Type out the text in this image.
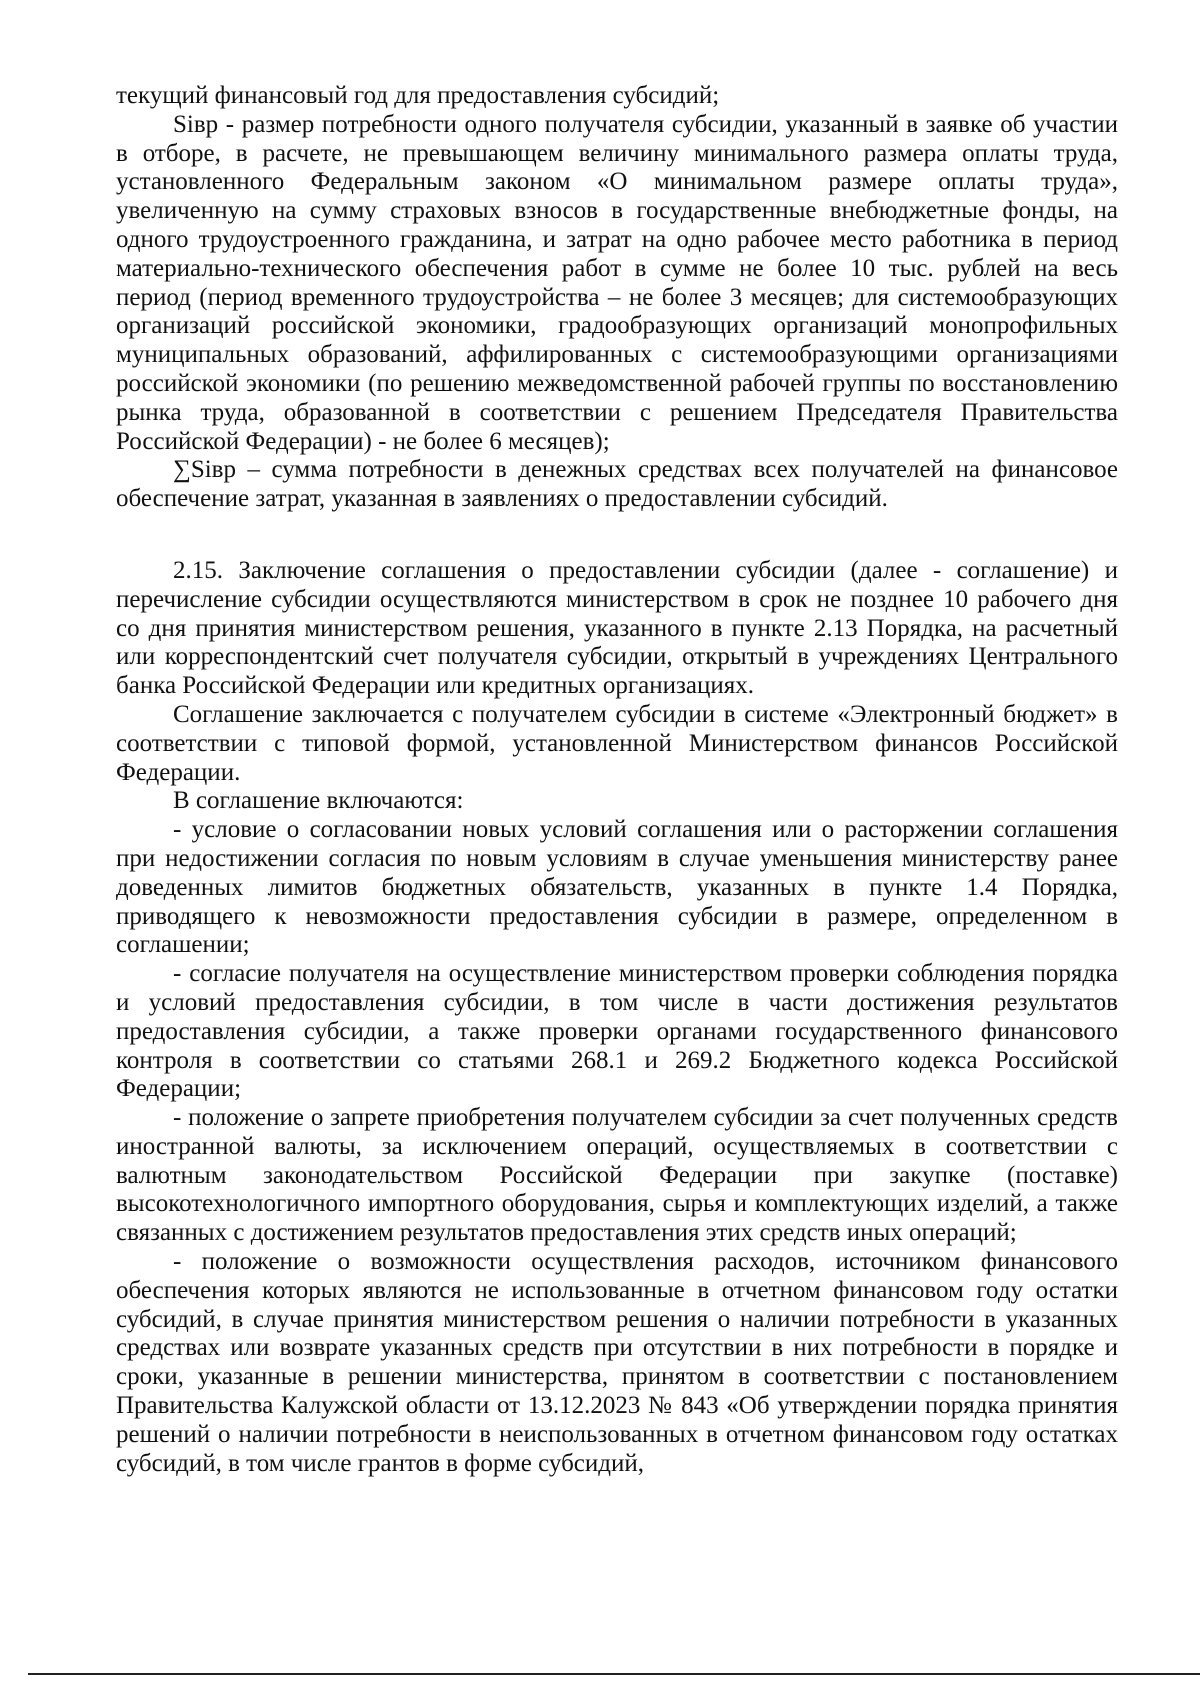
текущий финансовый год для предоставления субсидий;

Siвр - размер потребности одного получателя субсидии, указанный в заявке об участии в отборе, в расчете, не превышающем величину минимального размера оплаты труда, установленного Федеральным законом «О минимальном размере оплаты труда», увеличенную на сумму страховых взносов в государственные внебюджетные фонды, на одного трудоустроенного гражданина, и затрат на одно рабочее место работника в период материально-технического обеспечения работ в сумме не более 10 тыс. рублей на весь период (период временного трудоустройства – не более 3 месяцев; для системообразующих организаций российской экономики, градообразующих организаций монопрофильных муниципальных образований, аффилированных с системообразующими организациями российской экономики (по решению межведомственной рабочей группы по восстановлению рынка труда, образованной в соответствии с решением Председателя Правительства Российской Федерации) - не более 6 месяцев);

∑Siвр – сумма потребности в денежных средствах всех получателей на финансовое обеспечение затрат, указанная в заявлениях о предоставлении субсидий.

2.15. Заключение соглашения о предоставлении субсидии (далее - соглашение) и перечисление субсидии осуществляются министерством в срок не позднее 10 рабочего дня со дня принятия министерством решения, указанного в пункте 2.13 Порядка, на расчетный или корреспондентский счет получателя субсидии, открытый в учреждениях Центрального банка Российской Федерации или кредитных организациях.

Соглашение заключается с получателем субсидии в системе «Электронный бюджет» в соответствии с типовой формой, установленной Министерством финансов Российской Федерации.

В соглашение включаются:

- условие о согласовании новых условий соглашения или о расторжении соглашения при недостижении согласия по новым условиям в случае уменьшения министерству ранее доведенных лимитов бюджетных обязательств, указанных в пункте 1.4 Порядка, приводящего к невозможности предоставления субсидии в размере, определенном в соглашении;

- согласие получателя на осуществление министерством проверки соблюдения порядка и условий предоставления субсидии, в том числе в части достижения результатов предоставления субсидии, а также проверки органами государственного финансового контроля в соответствии со статьями 268.1 и 269.2 Бюджетного кодекса Российской Федерации;

- положение о запрете приобретения получателем субсидии за счет полученных средств иностранной валюты, за исключением операций, осуществляемых в соответствии с валютным законодательством Российской Федерации при закупке (поставке) высокотехнологичного импортного оборудования, сырья и комплектующих изделий, а также связанных с достижением результатов предоставления этих средств иных операций;

- положение о возможности осуществления расходов, источником финансового обеспечения которых являются не использованные в отчетном финансовом году остатки субсидий, в случае принятия министерством решения о наличии потребности в указанных средствах или возврате указанных средств при отсутствии в них потребности в порядке и сроки, указанные в решении министерства, принятом в соответствии с постановлением Правительства Калужской области от 13.12.2023 № 843 «Об утверждении порядка принятия решений о наличии потребности в неиспользованных в отчетном финансовом году остатках субсидий, в том числе грантов в форме субсидий,
